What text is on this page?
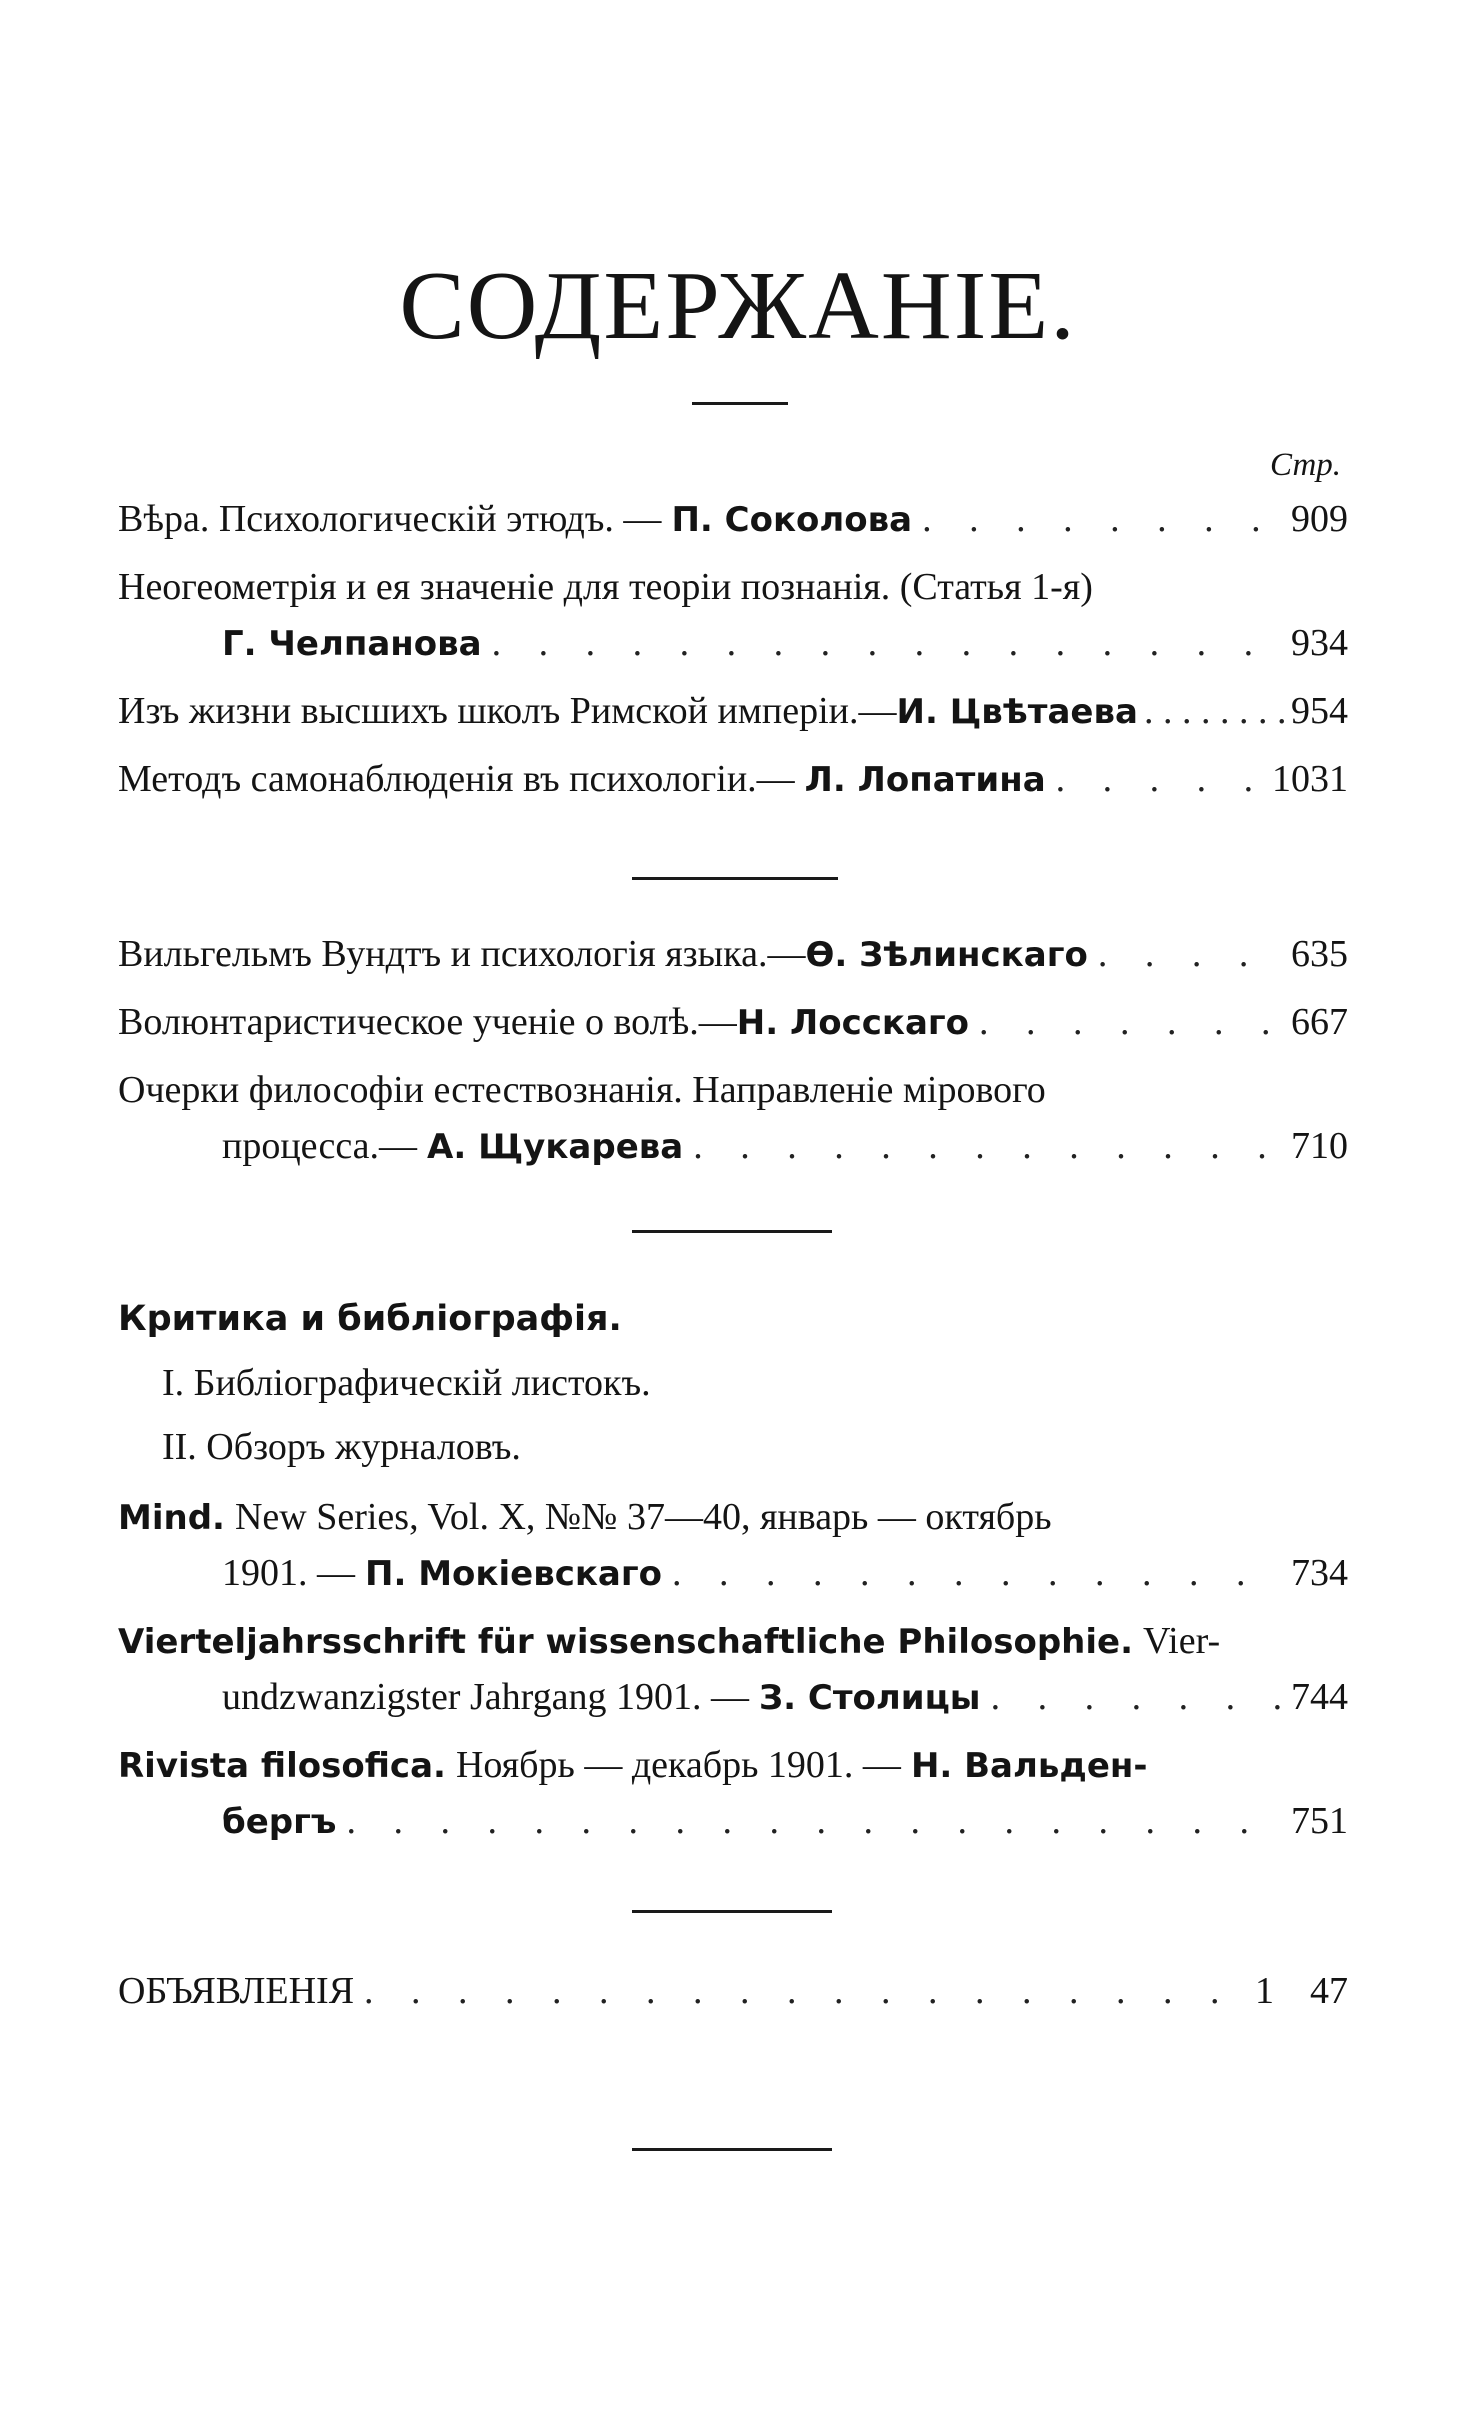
СОДЕРЖАНІЕ.
Стр.
Вѣра. Психологическій этюдъ. — П. Соколова . . .	909
Неогеометрія и ея значеніе для теоріи познанія. (Статья 1-я)
Г. Челпанова . . .	934
Изъ жизни высшихъ школъ Римской имперіи.— И. Цвѣтаева . . .	954
Методъ самонаблюденія въ психологіи.— Л. Лопатина . . .	1031
Вильгельмъ Вундтъ и психологія языка.— Ѳ. Зѣлинскаго . . .	635
Волюнтаристическое ученіе о волѣ.— Н. Лосскаго . . .	667
Очерки философіи естествознанія. Направленіе мірового
процесса.— А. Щукарева . . .	710
Критика и библіографія.
I. Библіографическій листокъ.
II. Обзоръ журналовъ.
Mind. New Series, Vol. X, №№ 37—40, январь — октябрь
1901. — П. Мокіевскаго . . .	734
Vierteljahrsschrift für wissenschaftliche Philosophie. Vier-
undzwanzigster Jahrgang 1901. — З. Столицы . . .	744
Rivista filosofica. Ноябрь — декабрь 1901. — Н. Вальден-
бергъ . . .	751
ОБЪЯВЛЕНІЯ . . .	1 47
